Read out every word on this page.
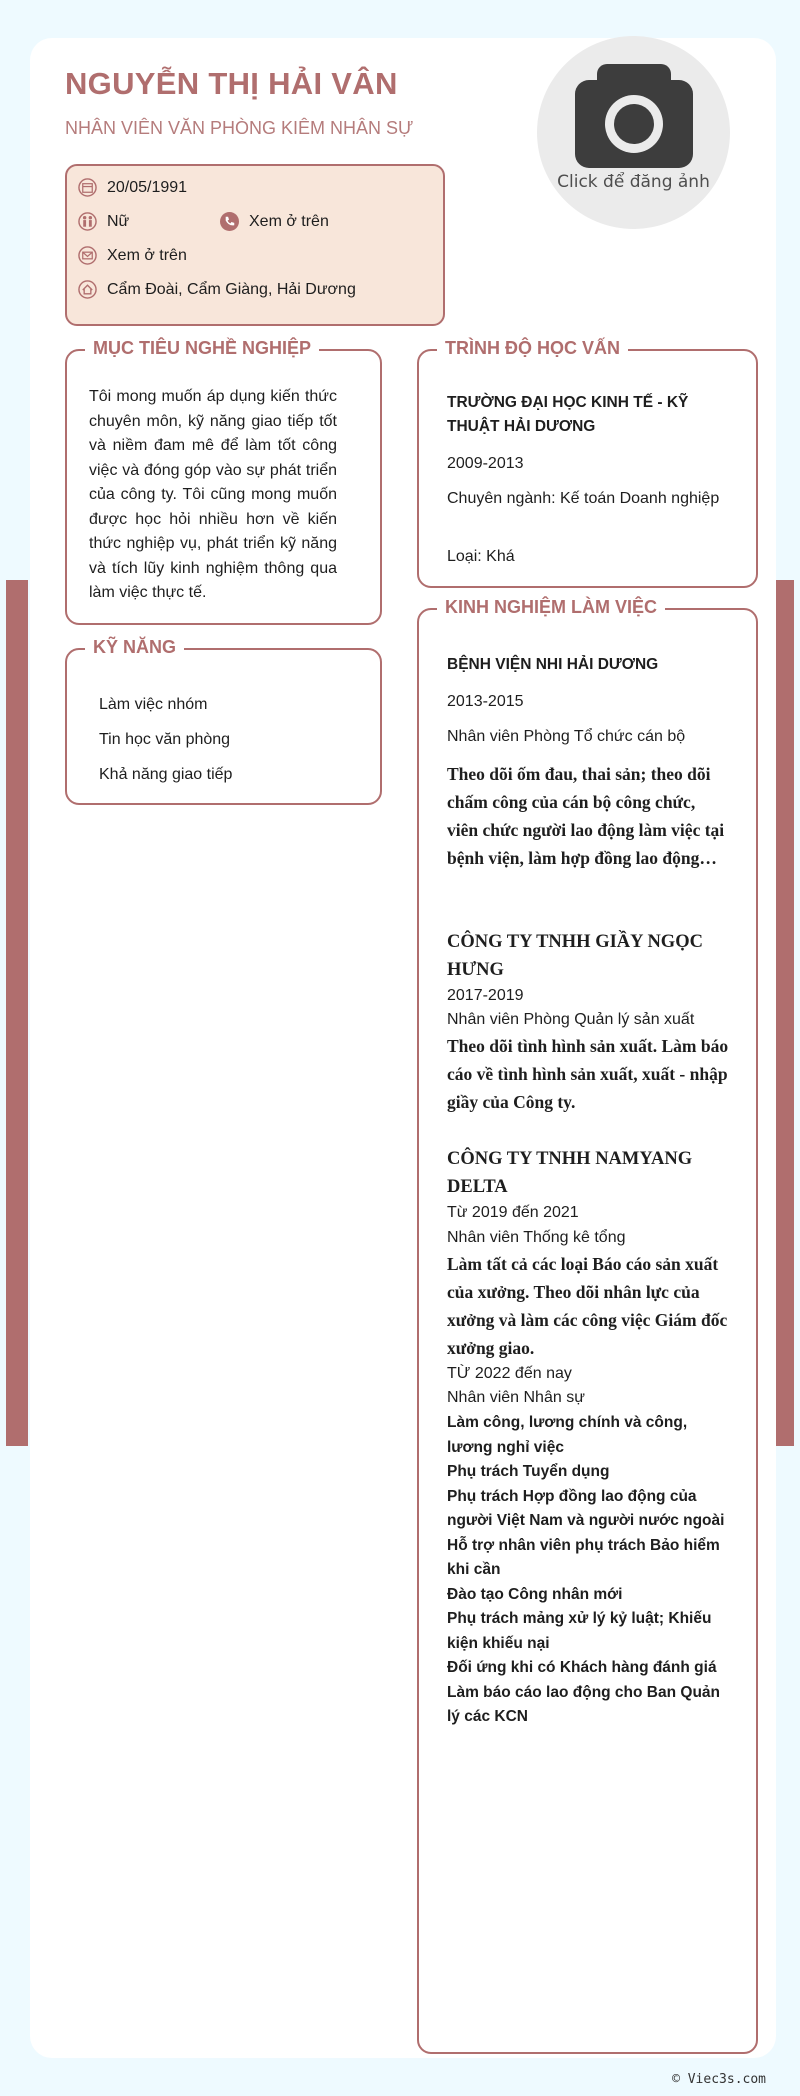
NGUYỄN THỊ HẢI VÂN
NHÂN VIÊN VĂN PHÒNG KIÊM NHÂN SỰ
Click để đăng ảnh
20/05/1991
Nữ	Xem ở trên
Xem ở trên
Cẩm Đoài, Cẩm Giàng, Hải Dương
MỤC TIÊU NGHỀ NGHIỆP
Tôi mong muốn áp dụng kiến thức chuyên môn, kỹ năng giao tiếp tốt và niềm đam mê để làm tốt công việc và đóng góp vào sự phát triển của công ty. Tôi cũng mong muốn được học hỏi nhiều hơn về kiến thức nghiệp vụ, phát triển kỹ năng và tích lũy kinh nghiệm thông qua làm việc thực tế.
KỸ NĂNG
Làm việc nhóm
Tin học văn phòng
Khả năng giao tiếp
TRÌNH ĐỘ HỌC VẤN
TRƯỜNG ĐẠI HỌC KINH TẾ - KỸ THUẬT HẢI DƯƠNG
2009-2013
Chuyên ngành: Kế toán Doanh nghiệp
Loại: Khá
KINH NGHIỆM LÀM VIỆC
BỆNH VIỆN NHI HẢI DƯƠNG
2013-2015
Nhân viên Phòng Tổ chức cán bộ
Theo dõi ốm đau, thai sản; theo dõi chấm công của cán bộ công chức, viên chức người lao động làm việc tại bệnh viện, làm hợp đồng lao động…
CÔNG TY TNHH GIẦY NGỌC HƯNG
2017-2019
Nhân viên Phòng Quản lý sản xuất
Theo dõi tình hình sản xuất. Làm báo cáo về tình hình sản xuất, xuất - nhập giầy của Công ty.
CÔNG TY TNHH NAMYANG DELTA
Từ 2019 đến 2021
Nhân viên Thống kê tổng
Làm tất cả các loại Báo cáo sản xuất của xưởng. Theo dõi nhân lực của xưởng và làm các công việc Giám đốc xưởng giao.
TỪ 2022 đến nay
Nhân viên Nhân sự
Làm công, lương chính và công, lương nghỉ việc
Phụ trách Tuyển dụng
Phụ trách Hợp đồng lao động của người Việt Nam và người nước ngoài
Hỗ trợ nhân viên phụ trách Bảo hiểm khi cần
Đào tạo Công nhân mới
Phụ trách mảng xử lý kỷ luật; Khiếu kiện khiếu nại
Đối ứng khi có Khách hàng đánh giá
Làm báo cáo lao động cho Ban Quản lý các KCN
© Viec3s.com
